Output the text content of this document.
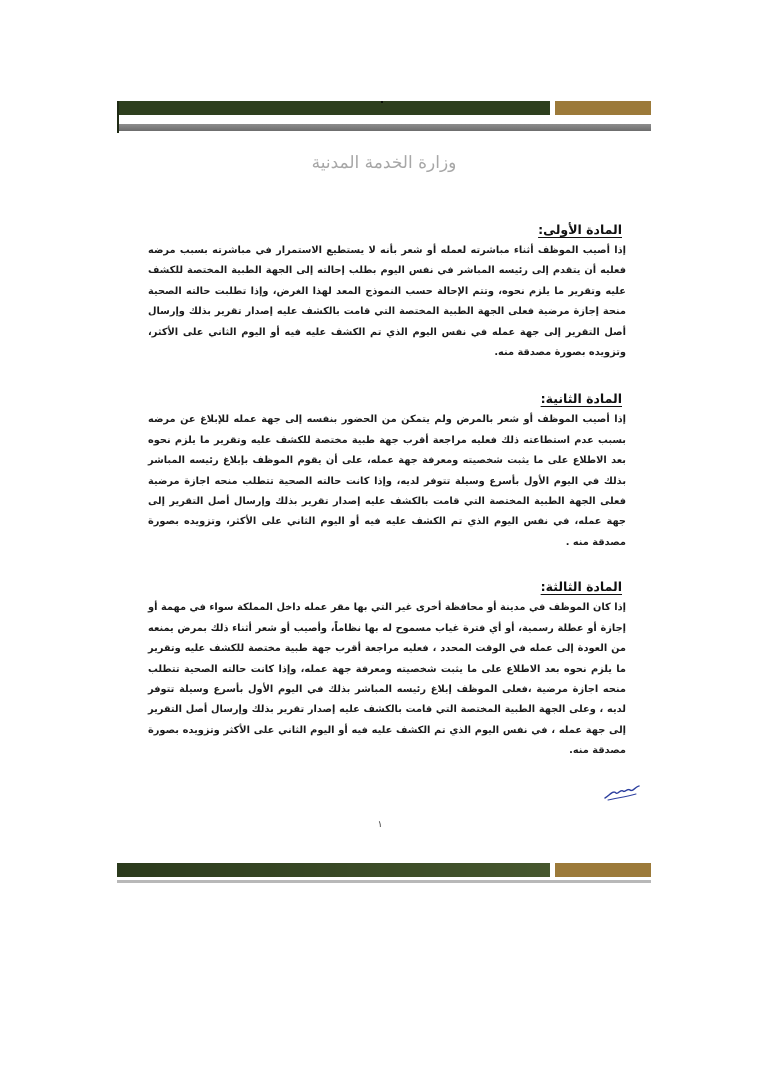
وزارة الخدمة المدنية
المادة الأولى:

إذا أصيب الموظف أثناء مباشرته لعمله أو شعر بأنه لا يستطيع الاستمرار في مباشرته بسبب مرضه فعليه أن يتقدم إلى رئيسه المباشر في نفس اليوم بطلب إحالته إلى الجهة الطبية المختصة للكشف عليه وتقرير ما يلزم نحوه، وتتم الإحالة حسب النموذج المعد لهذا الغرض، وإذا تطلبت حالته الصحية منحة إجازة مرضية فعلى الجهة الطبية المختصة التي قامت بالكشف عليه إصدار تقرير بذلك وإرسال أصل التقرير إلى جهة عمله في نفس اليوم الذي تم الكشف عليه فيه أو اليوم الثاني على الأكثر، وتزويده بصورة مصدقة منه.

المادة الثانية:

إذا أصيب الموظف أو شعر بالمرض ولم يتمكن من الحضور بنفسه إلى جهة عمله للإبلاغ عن مرضه بسبب عدم استطاعته ذلك فعليه مراجعة أقرب جهة طبية مختصة للكشف عليه وتقرير ما يلزم نحوه بعد الاطلاع على ما يثبت شخصيته ومعرفة جهة عمله، على أن يقوم الموظف بإبلاغ رئيسه المباشر بذلك في اليوم الأول بأسرع وسيلة تتوفر لديه، وإذا كانت حالته الصحية تتطلب منحه اجازة مرضية فعلى الجهة الطبية المختصة التي قامت بالكشف عليه إصدار تقرير بذلك وإرسال أصل التقرير إلى جهة عمله، في نفس اليوم الذي تم الكشف عليه فيه أو اليوم الثاني على الأكثر، وتزويده بصورة مصدقة منه .

المادة الثالثة:

إذا كان الموظف في مدينة أو محافظة أخرى غير التي بها مقر عمله داخل المملكة سواء في مهمة أو إجازة أو عطلة رسمية، أو أي فترة غياب مسموح له بها نظاماً، وأصيب أو شعر أثناء ذلك بمرض يمنعه من العودة إلى عمله في الوقت المحدد ، فعليه مراجعة أقرب جهة طبية مختصة للكشف عليه وتقرير ما يلزم نحوه بعد الاطلاع على ما يثبت شخصيته ومعرفة جهة عمله، وإذا كانت حالته الصحية تتطلب منحه اجازة مرضية ،فعلى الموظف إبلاغ رئيسه المباشر بذلك في اليوم الأول بأسرع وسيلة تتوفر لديه ، وعلى الجهة الطبية المختصة التي قامت بالكشف عليه إصدار تقرير بذلك وإرسال أصل التقرير إلى جهة عمله ، في نفس اليوم الذي تم الكشف عليه فيه أو اليوم الثاني على الأكثر وتزويده بصورة مصدقة منه.

١
